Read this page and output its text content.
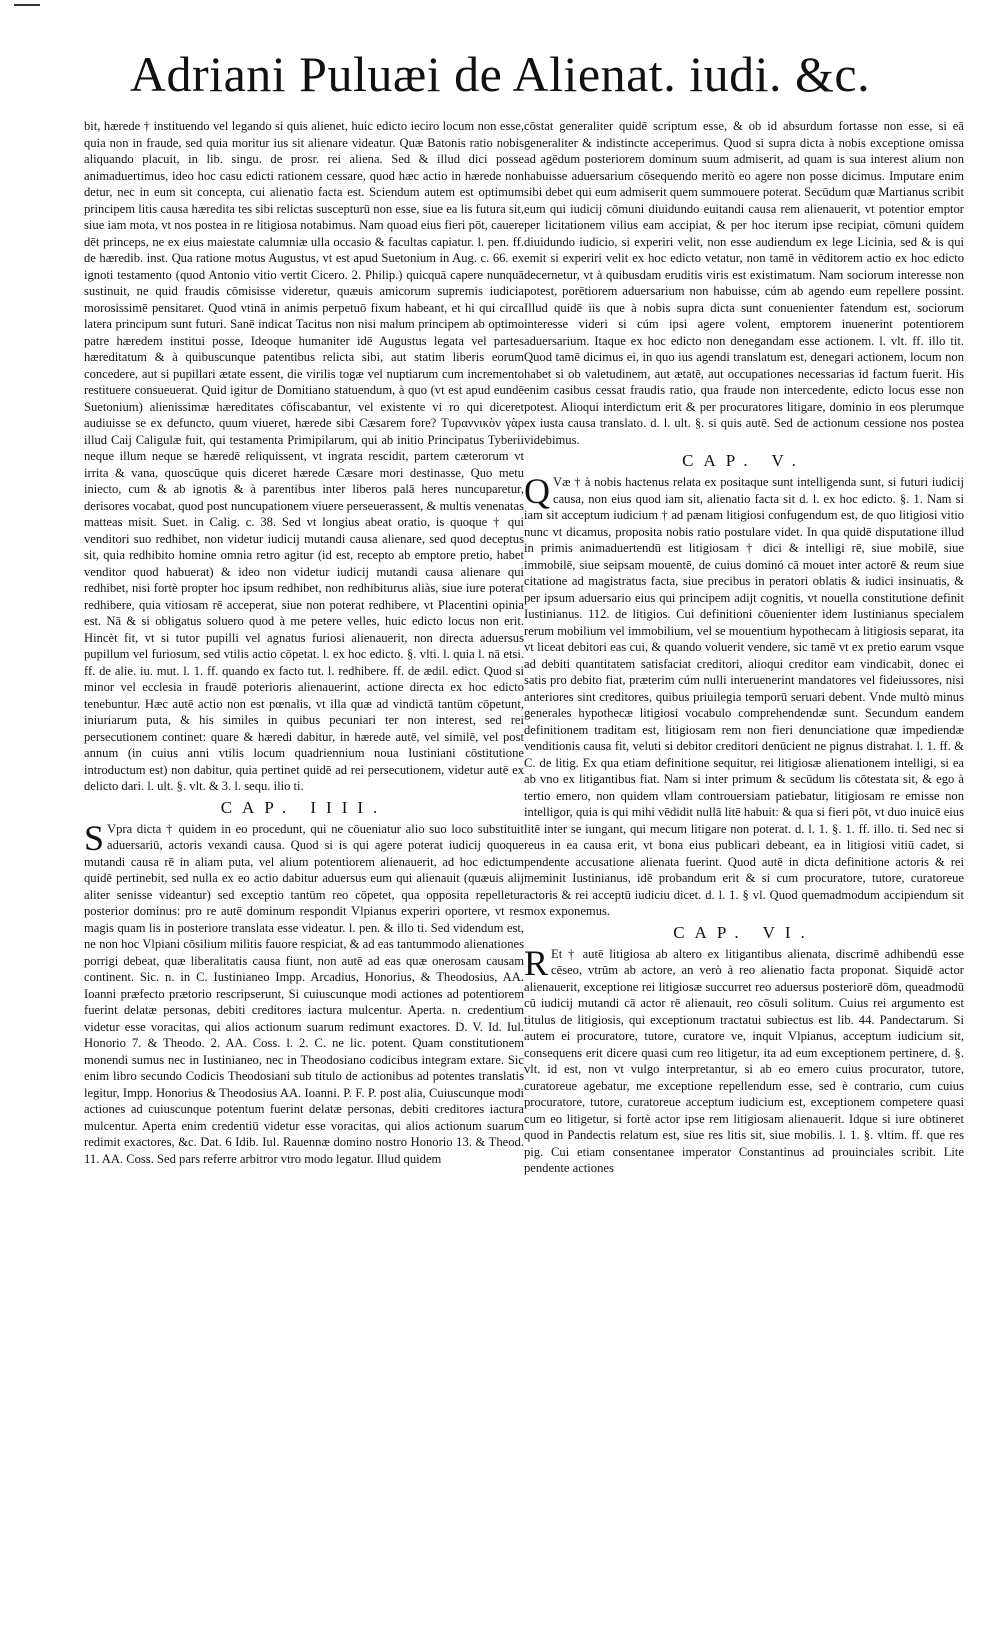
Adriani Puluæi de Alienat. iudi. &c.
bit, hærede † instituendo vel legando si quis alienet, huic edicto ieciro locum non esse, quia non in fraude, sed quia moritur ius sit alienare videatur. Quæ Batonis ratio nobis aliquando placuit, in lib. singu. de prosr. rei aliena. Sed & illud dici posse animaduertimus, ideo hoc casu edicti rationem cessare, quod hæc actio in hærede non detur, nec in eum sit concepta, cui alienatio facta est. Sciendum autem est optimum principem litis causa hæredita tes sibi relictas suscepturū non esse, siue ea lis futura sit, siue iam mota, vt nos postea in re litigiosa notabimus. Nam quoad eius fieri pōt, cauere dēt princeps, ne ex eius maiestate calumniæ ulla occasio & facultas capiatur. l. pen. ff. de hæredib. inst. Qua ratione motus Augustus, vt est apud Suetonium in Aug. c. 66. ex ignoti testamento (quod Antonio vitio vertit Cicero. 2. Philip.) quicquā capere nunquā sustinuit, ne quid fraudis cōmisisse videretur, quæuis amicorum supremis iudicia morosissimē pensitaret. Quod vtinā in animis perpetuō fixum habeant, et hi qui circa latera principum sunt futuri. Sanē indicat Tacitus non nisi malum principem ab optimo patre hæredem institui posse, Ideoque humaniter idē Augustus legata vel partes hæreditatum & à quibuscunque patentibus relicta sibi, aut statim liberis eorum concedere, aut si pupillari ætate essent, die virilis togæ vel nuptiarum cum incremento restituere consueuerat. Quid igitur de Domitiano statuendum, à quo (vt est apud eundē Suetonium) alienissimæ hæreditates cōfiscabantur, vel existente vi ro qui diceret audiuisse se ex defuncto, quum viueret, hærede sibi Cæsarem fore? Τυραννικὸν γὰρ illud Caij Caligulæ fuit, qui testamenta Primipilarum, qui ab initio Principatus Tyberii neque illum neque se hæredē reliquissent, vt ingrata rescidit, partem cæterorum vt irrita & vana, quoscūque quis diceret hærede Cæsare mori destinasse, Quo metu iniecto, cum & ab ignotis & à parentibus inter liberos palā heres nuncuparetur, derisores vocabat, quod post nuncupationem viuere perseuerassent, & multis venenatas matteas misit. Suet. in Calig. c. 38. Sed vt longius abeat oratio, is quoque † qui venditori suo redhibet, non videtur iudicij mutandi causa alienare, sed quod deceptus sit, quia redhibito homine omnia retro agitur (id est, recepto ab emptore pretio, habet venditor quod habuerat) & ideo non videtur iudicij mutandi causa alienare qui redhibet, nisi fortè propter hoc ipsum redhibet, non redhibiturus aliàs, siue iure poterat redhibere, quia vitiosam rē acceperat, siue non poterat redhibere, vt Placentini opinia est. Nā & si obligatus soluero quod à me petere velles, huic edicto locus non erit. Hincèt fit, vt si tutor pupilli vel agnatus furiosi alienauerit, non directa aduersus pupillum vel furiosum, sed vtilis actio cōpetat. l. ex hoc edicto. §. vlti. l. quia l. nā etsi. ff. de alie. iu. mut. l. 1. ff. quando ex facto tut. l. redhibere. ff. de ædil. edict. Quod si minor vel ecclesia in fraudē poterioris alienauerint, actione directa ex hoc edicto tenebuntur. Hæc autē actio non est pœnalis, vt illa quæ ad vindictā tantūm cōpetunt, iniuriarum puta, & his similes in quibus pecuniari ter non interest, sed rei persecutionem continet: quare & hæredi dabitur, in hærede autē, vel similē, vel post annum (in cuius anni vtilis locum quadriennium noua Iustiniani cōstitutione introductum est) non dabitur, quia pertinet quidē ad rei persecutionem, videtur autē ex delicto dari. l. ult. §. vlt. & 3. l. sequ. ilio ti.
CAP. IIII.
S Vpra dicta † quidem in eo procedunt, qui ne cōueniatur alio suo loco substituit aduersariū, actoris vexandi causa. Quod si is qui agere poterat iudicij quoque mutandi causa rē in aliam puta, vel alium potentiorem alienauerit, ad hoc edictum quidē pertinebit, sed nulla ex eo actio dabitur aduersus eum qui alienauit (quæuis alij aliter senisse videantur) sed exceptio tantūm reo cōpetet, qua opposita repelletur posterior dominus: pro re autē dominum respondit Vlpianus experiri oportere, vt res magis quam lis in posteriore translata esse videatur. l. pen. & illo ti. Sed videndum est, ne non hoc Vlpiani cōsilium militis fauore respiciat, & ad eas tantummodo alienationes porrigi debeat, quæ liberalitatis causa fiunt, non autē ad eas quæ onerosam causam continent. Sic. n. in C. Iustinianeo Impp. Arcadius, Honorius, & Theodosius, AA. Ioanni præfecto prætorio rescripserunt, Si cuiuscunque modi actiones ad potentiorem fuerint delatæ personas, debiti creditores iactura mulcentur. Aperta. n. credentium videtur esse voracitas, qui alios actionum suarum redimunt exactores. D. V. Id. Iul. Honorio 7. & Theodo. 2. AA. Coss. l. 2. C. ne lic. potent. Quam constitutionem monendi sumus nec in Iustinianeo, nec in Theodosiano codicibus integram extare. Sic enim libro secundo Codicis Theodosiani sub titulo de actionibus ad potentes translatis legitur, Impp. Honorius & Theodosius AA. Ioanni. P. F. P. post alia, Cuiuscunque modi actiones ad cuiuscunque potentum fuerint delatæ personas, debiti creditores iactura mulcentur. Aperta enim credentiū videtur esse voracitas, qui alios actionum suarum redimit exactores, &c. Dat. 6 Idib. Iul. Rauennæ domino nostro Honorio 13. & Theod. 11. AA. Coss. Sed pars referre arbitror vtro modo legatur. Illud quidem
cōstat generaliter quidē scriptum esse, & ob id absurdum fortasse non esse, si eā generaliter & indistincte acceperimus. Quod si supra dicta à nobis exceptione omissa ad agēdum posteriorem dominum suum admiserit, ad quam is sua interest alium non habuisse aduersarium cōsequendo meritò eo agere non posse dicimus. Imputare enim sibi debet qui eum admiserit quem summouere poterat. Secūdum quæ Martianus scribit eum qui iudicij cōmuni diuidundo euitandi causa rem alienauerit, vt potentior emptor per licitationem vilius eam accipiat, & per hoc iterum ipse recipiat, cōmuni quidem diuidundo iudicio, si experiri velit, non esse audiendum ex lege Licinia, sed & is qui emit si experiri velit ex hoc edicto vetatur, non tamē in vēditorem actio ex hoc edicto decernetur, vt à quibusdam eruditis viris est existimatum. Nam sociorum interesse non potest, porētiorem aduersarium non habuisse, cúm ab agendo eum repellere possint. Illud quidē iis que à nobis supra dicta sunt conuenienter fatendum est, sociorum interesse videri si cúm ipsi agere volent, emptorem inuenerint potentiorem aduersarium. Itaque ex hoc edicto non denegandam esse actionem. l. vlt. ff. illo tit. Quod tamē dicimus ei, in quo ius agendi translatum est, denegari actionem, locum non habet si ob valetudinem, aut ætatē, aut occupationes necessarias id factum fuerit. His enim casibus cessat fraudis ratio, qua fraude non intercedente, edicto locus esse non potest. Alioqui interdictum erit & per procuratores litigare, dominio in eos plerumque ex iusta causa translato. d. l. ult. §. si quis autē. Sed de actionum cessione nos postea videbimus.
CAP. V.
Q Væ † à nobis hactenus relata ex positaque sunt intelligenda sunt, si futuri iudicij causa, non eius quod iam sit, alienatio facta sit d. l. ex hoc edicto. §. 1. Nam si iam sit acceptum iudicium † ad pænam litigiosi confugendum est, de quo litigiosi vitio nunc vt dicamus, proposita nobis ratio postulare videt. In qua quidē disputatione illud in primis animaduertendū est litigiosam † dici & intelligi rē, siue mobilē, siue immobilē, siue seipsam mouentē, de cuius dominó cā mouet inter actorē & reum siue citatione ad magistratus facta, siue precibus in peratori oblatis & iudici insinuatis, & per ipsum aduersario eius qui principem adijt cognitis, vt nouella constitutione definit Iustinianus. 112. de litigios. Cui definitioni cōuenienter idem Iustinianus specialem rerum mobilium vel immobilium, vel se mouentium hypothecam à litigiosis separat, ita vt liceat debitori eas cui, & quando voluerit vendere, sic tamē vt ex pretio earum vsque ad debiti quantitatem satisfaciat creditori, alioqui creditor eam vindicabit, donec ei satis pro debito fiat, præterim cúm nulli interuenerint mandatores vel fideiussores, nisi anteriores sint creditores, quibus priuilegia temporū seruari debent. Vnde multò minus generales hypothecæ litigiosi vocabulo comprehendendæ sunt. Secundum eandem definitionem traditam est, litigiosam rem non fieri denunciatione quæ impediendæ venditionis causa fit, veluti si debitor creditori denūcient ne pignus distrahat. l. 1. ff. & C. de litig. Ex qua etiam definitione sequitur, rei litigiosæ alienationem intelligi, si ea ab vno ex litigantibus fiat. Nam si inter primum & secūdum lis cōtestata sit, & ego à tertio emero, non quidem vllam controuersiam patiebatur, litigiosam re emisse non intelligor, quia is qui mihi vēdidit nullā litē habuit: & qua si fieri pōt, vt duo inuicē eius litē inter se iungant, qui mecum litigare non poterat. d. l. 1. §. 1. ff. illo. ti. Sed nec si reus in ea causa erit, vt bona eius publicari debeant, ea in litigiosi vitiū cadet, si pendente accusatione alienata fuerint. Quod autē in dicta definitione actoris & rei meminit Iustinianus, idē probandum erit & si cum procuratore, tutore, curatoreue actoris & rei acceptū iudiciu dicet. d. l. 1. § vl. Quod quemadmodum accipiendum sit mox exponemus.
CAP. VI.
R Et † autē litigiosa ab altero ex litigantibus alienata, discrimē adhibendū esse cēseo, vtrūm ab actore, an verò à reo alienatio facta proponat. Siquidē actor alienauerit, exceptione rei litigiosæ succurret reo aduersus posteriorē dōm, queadmodū cū iudicij mutandi cā actor rē alienauit, reo cōsuli solitum. Cuius rei argumento est titulus de litigiosis, qui exceptionum tractatui subiectus est lib. 44. Pandectarum. Si autem ei procuratore, tutore, curatore ve, inquit Vlpianus, acceptum iudicium sit, consequens erit dicere quasi cum reo litigetur, ita ad eum exceptionem pertinere, d. §. vlt. id est, non vt vulgo interpretantur, si ab eo emero cuius procurator, tutore, curatoreue agebatur, me exceptione repellendum esse, sed è contrario, cum cuius procuratore, tutore, curatoreue acceptum iudicium est, exceptionem competere quasi cum eo litigetur, si fortè actor ipse rem litigiosam alienauerit. Idque si iure obtineret quod in Pandectis relatum est, siue res litis sit, siue mobilis. l. 1. §. vltim. ff. que res pig. Cui etiam consentanee imperator Constantinus ad prouinciales scribit. Lite pendente actiones
